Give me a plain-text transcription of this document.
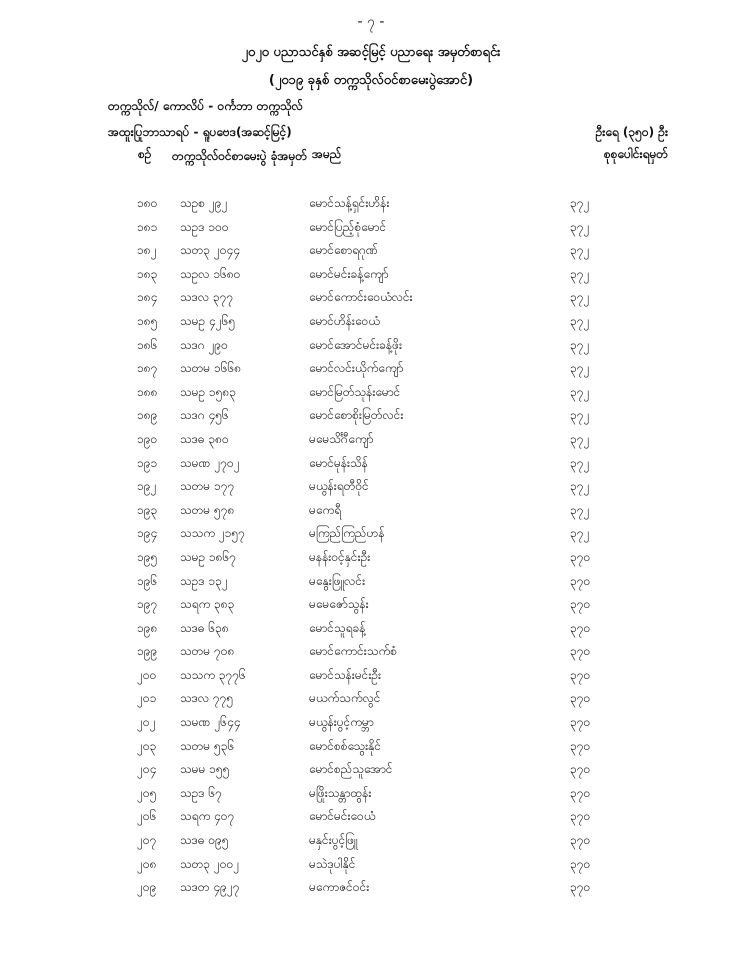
- ၇ -
၂၀၂၀ ပညာသင်နှစ် အဆင့်မြင့် ပညာရေး အမှတ်စာရင်း
(၂၀၁၉ ခုနှစ် တက္ကသိုလ်ဝင်စာမေးပွဲအောင်)
တက္ကသိုလ်/ ကောလိပ် - ဝင်္ကဘာ တက္ကသိုလ်
အထူးပြုဘာသာရပ် - ရူပဗေဒ(အဆင့်မြင့်)	ဦးရေ (၃၅၀) ဦး
စဉ် တက္ကသိုလ်ဝင်စာမေးပွဲ ခုံအမှတ် အမည်	စုစုပေါင်းရမှတ်
၁၈၀ သဥစ ၂၉၂	မောင်သန့်ရှင်းဟိန်း	၃၇၂
၁၈၁ သဥဒ ၁၀၀	မောင်ပြည့်စုံမောင်	၃၇၂
၁၈၂ သတ၃ ၂၀၄၄	မောင်စောရဂုဏ်	၃၇၂
၁၈၃ သဥလ ၁၆၈၀	မောင်မင်းခန့်ကျော်	၃၇၂
၁၈၄ သဒလ ၃၇၇	မောင်ကောင်းဝေယံလင်း	၃၇၂
၁၈၅ သမဥ ၄၂၆၅	မောင်ဟိန်းဝေယံ	၃၇၂
၁၈၆ သဒဂ ၂၉၀	မောင်အောင်မင်းခန့်ဖိုး	၃၇၂
၁၈၇ သတမ ၁၆၆၈	မောင်လင်းယိုက်ကျော်	၃၇၂
၁၈၈ သမဥ ၁၅၈၃	မောင်မြတ်သုန်းမောင်	၃၇၂
၁၈၉ သဒဂ ၄၅၆	မောင်စောစိုးမြတ်လင်း	၃၇၂
၁၉၀ သဒဓ ၃၈၀	မမေသိင်္ဂီကျော်	၃၇၂
၁၉၁ သမဏ ၂၇၀၂	မောင်မုန်းသိန်	၃၇၂
၁၉၂ သတမ ၁၇၇	မယွန်းရတီဝိုင်	၃၇၂
၁၉၃ သတမ ၅၇၈	မကေရီ	၃၇၂
၁၉၄ သသက ၂၁၅၇	မကြည်ကြည်ဟန်	၃၇၂
၁၉၅ သမဥ ၁၈၆၇	မနန်းဝင့်နှင်းဦး	၃၇၀
၁၉၆ သဥဒ ၁၃၂	မနွေးဖြူလင်း	၃၇၀
၁၉၇ သရက ၃၈၃	မမေဇော်သွန်း	၃၇၀
၁၉၈ သဒဓ ၆၃၈	မောင်သူရခန့်	၃၇၀
၁၉၉ သတမ ၇၀၈	မောင်ကောင်းသက်စံ	၃၇၀
၂၀၀ သသက ၃၇၇၆	မောင်သန်းမင်းဦး	၃၇၀
၂၀၁ သဒလ ၇၇၅	မယက်သက်လွင်	၃၇၀
၂၀၂ သမဏ ၂၆၄၄	မယွန်းပွင့်ကမ္ဘာ	၃၇၀
၂၀၃ သတမ ၅၃၆	မောင်စစ်သွေးနိုင်	၃၇၀
၂၀၄ သမမ ၁၅၅	မောင်စည်သူအောင်	၃၇၀
၂၀၅ သဥဒ ၆၇	မဖြိုးသန္တာထွန်း	၃၇၀
၂၀၆ သရက ၄၀၇	မောင်မင်းဝေယံ	၃၇၀
၂၀၇ သဒဓ ၀၉၅	မနှင်းပွင့်ဖြူ	၃၇၀
၂၀၈ သတ၃ ၂၀၀၂	မသဲဒုပါနိုင်	၃၇၀
၂၀၉ သဒတ ၄၉၂၇	မကောဇင်ဝင်း	၃၇၀
